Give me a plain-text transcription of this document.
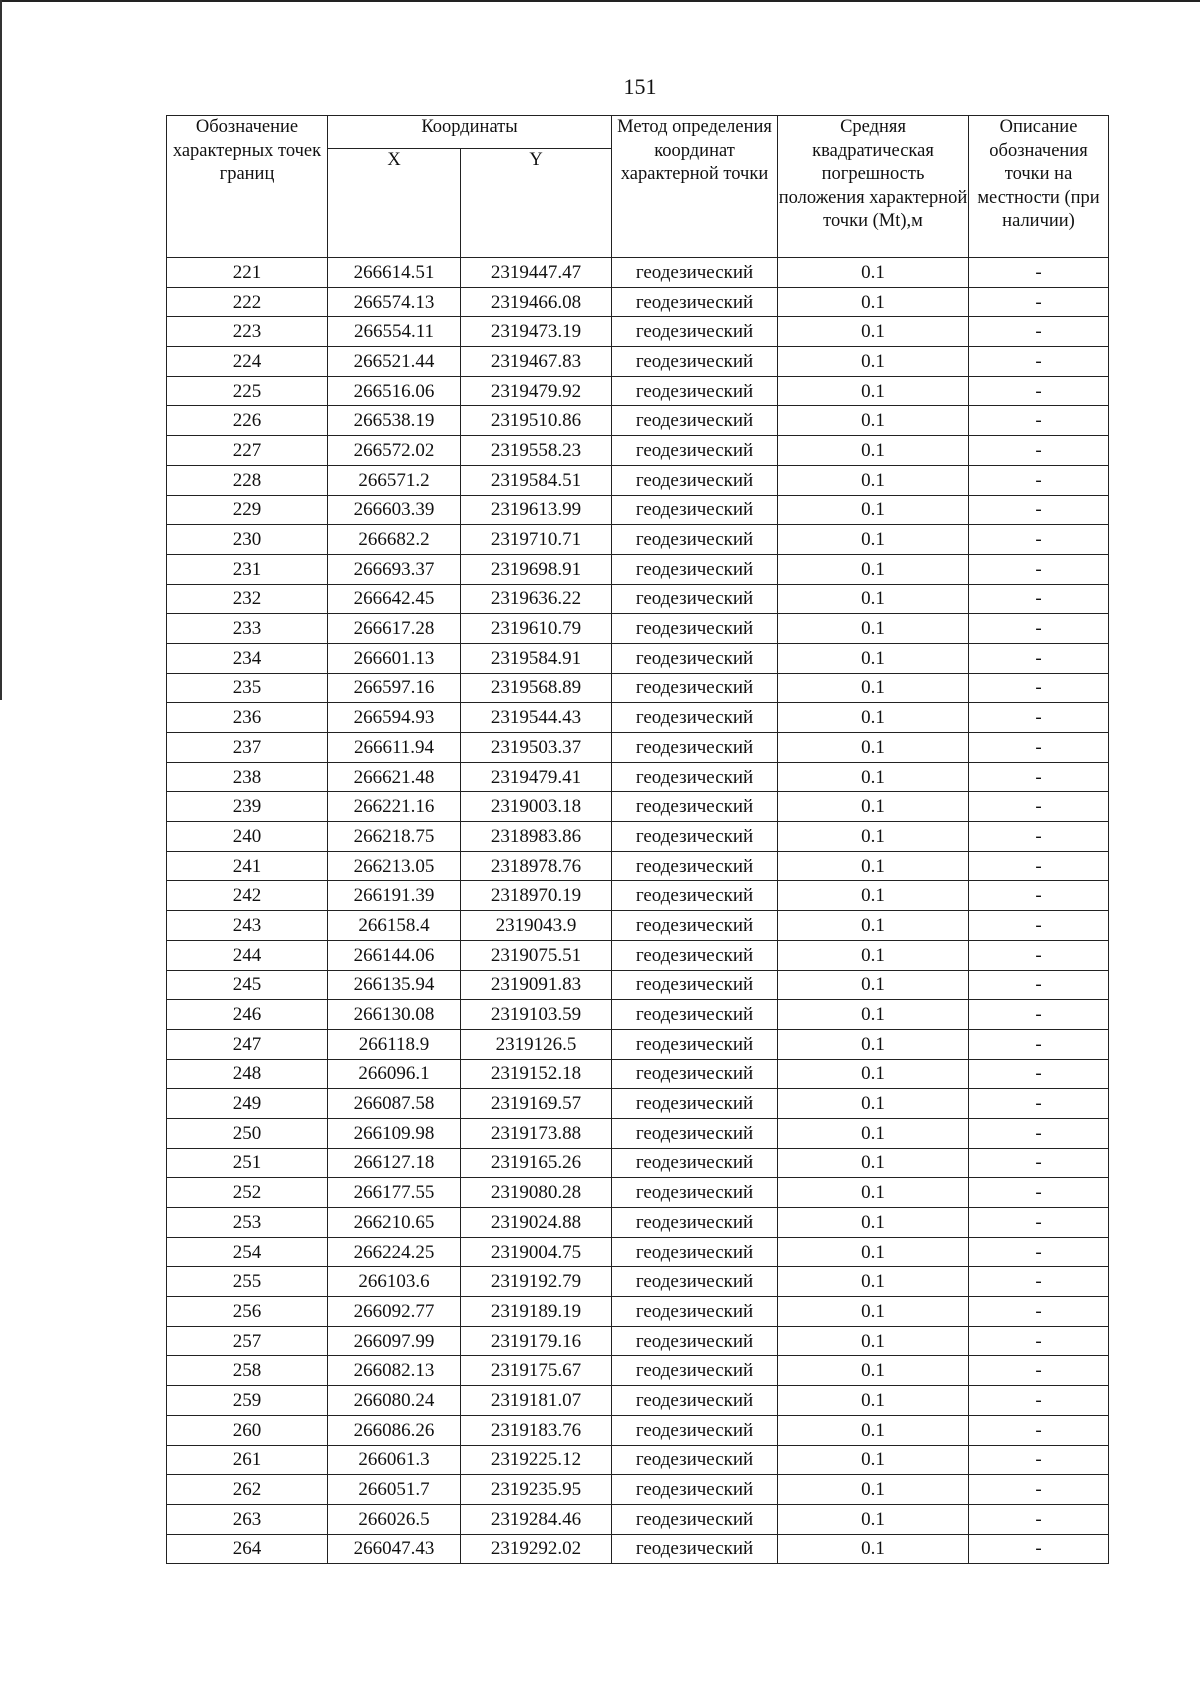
151
Обозначение характерных точек границ	Координаты		Метод определения координат характерной точки	Средняя квадратическая погрешность положения характерной точки (Mt),м	Описание обозначения точки на местности (при наличии)
	X	Y			
221	266614.51	2319447.47	геодезический	0.1	-
222	266574.13	2319466.08	геодезический	0.1	-
223	266554.11	2319473.19	геодезический	0.1	-
224	266521.44	2319467.83	геодезический	0.1	-
225	266516.06	2319479.92	геодезический	0.1	-
226	266538.19	2319510.86	геодезический	0.1	-
227	266572.02	2319558.23	геодезический	0.1	-
228	266571.2	2319584.51	геодезический	0.1	-
229	266603.39	2319613.99	геодезический	0.1	-
230	266682.2	2319710.71	геодезический	0.1	-
231	266693.37	2319698.91	геодезический	0.1	-
232	266642.45	2319636.22	геодезический	0.1	-
233	266617.28	2319610.79	геодезический	0.1	-
234	266601.13	2319584.91	геодезический	0.1	-
235	266597.16	2319568.89	геодезический	0.1	-
236	266594.93	2319544.43	геодезический	0.1	-
237	266611.94	2319503.37	геодезический	0.1	-
238	266621.48	2319479.41	геодезический	0.1	-
239	266221.16	2319003.18	геодезический	0.1	-
240	266218.75	2318983.86	геодезический	0.1	-
241	266213.05	2318978.76	геодезический	0.1	-
242	266191.39	2318970.19	геодезический	0.1	-
243	266158.4	2319043.9	геодезический	0.1	-
244	266144.06	2319075.51	геодезический	0.1	-
245	266135.94	2319091.83	геодезический	0.1	-
246	266130.08	2319103.59	геодезический	0.1	-
247	266118.9	2319126.5	геодезический	0.1	-
248	266096.1	2319152.18	геодезический	0.1	-
249	266087.58	2319169.57	геодезический	0.1	-
250	266109.98	2319173.88	геодезический	0.1	-
251	266127.18	2319165.26	геодезический	0.1	-
252	266177.55	2319080.28	геодезический	0.1	-
253	266210.65	2319024.88	геодезический	0.1	-
254	266224.25	2319004.75	геодезический	0.1	-
255	266103.6	2319192.79	геодезический	0.1	-
256	266092.77	2319189.19	геодезический	0.1	-
257	266097.99	2319179.16	геодезический	0.1	-
258	266082.13	2319175.67	геодезический	0.1	-
259	266080.24	2319181.07	геодезический	0.1	-
260	266086.26	2319183.76	геодезический	0.1	-
261	266061.3	2319225.12	геодезический	0.1	-
262	266051.7	2319235.95	геодезический	0.1	-
263	266026.5	2319284.46	геодезический	0.1	-
264	266047.43	2319292.02	геодезический	0.1	-
